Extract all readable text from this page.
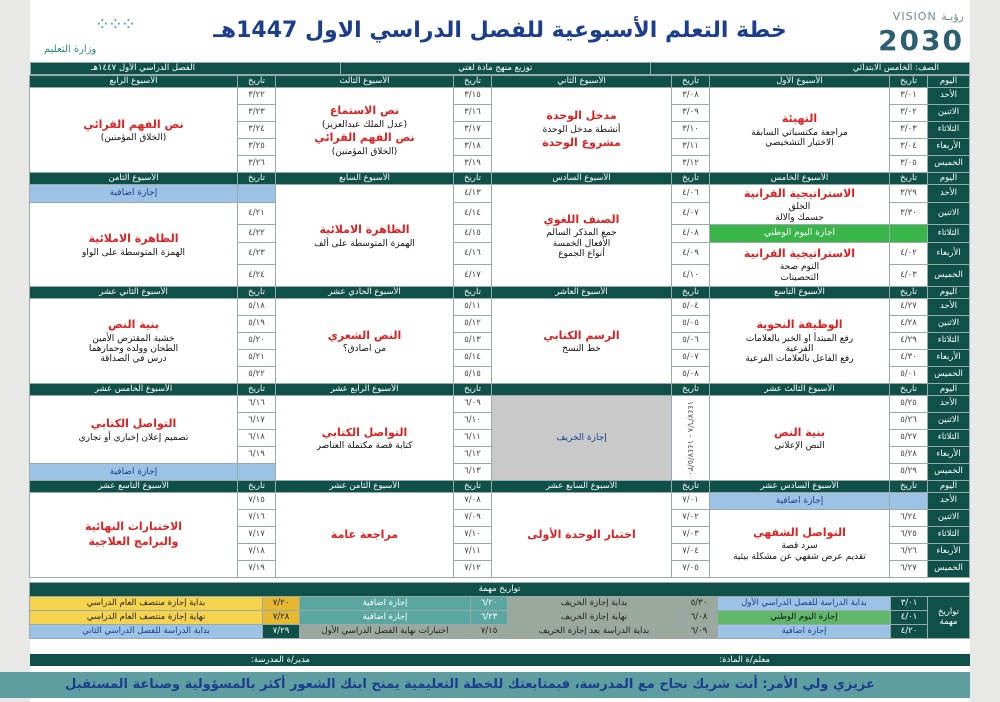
VISION رؤيـة
2030
خطة التعلم الأسبوعية للفصل الدراسي الاول 1447هـ
⁘⁘⁘
وزارة التعليم
الصف: الخامس الابتدائي	توزيع منهج مادة لغتي	الفصل الدراسي الأول ١٤٤٧هـ
اليوم	تاريخ	الأسبوع الأول	تاريخ	الأسبوع الثاني	تاريخ	الأسبوع الثالث	تاريخ	الأسبوع الرابع
الأحد	٣/٠١	التهيئة
مراجعة مكتسباتي السابقة
الاختبار التشخيصي	٣/٠٨	مدخل الوحدة
أنشطة مدخل الوحدة
مشروع الوحدة	٣/١٥	نص الاستماع
(عدل الملك عبدالعزيز)
نص الفهم القرائي
(الخلاق المؤمنين)	٣/٢٢	نص الفهم القرائي
(الخلاق المؤمنين)

الاثنين	٣/٠٢		٣/٠٩		٣/١٦		٣/٢٣	
الثلاثاء	٣/٠٣		٣/١٠		٣/١٧		٣/٢٤	
الأربعاء	٣/٠٤		٣/١١		٣/١٨		٣/٢٥	
الخميس	٣/٠٥		٣/١٢		٣/١٩		٣/٢٦	
اليوم	تاريخ	الأسبوع الخامس	تاريخ	الأسبوع السادس	تاريخ	الأسبوع السابع	تاريخ	الأسبوع الثامن
الأحد	٣/٢٩	الاستراتيجية القرانية
الخلق
جسمك والالة	٤/٠٦	الصنف اللغوي
جمع المذكر السالم
الأفعال الخمسة
أنواع الجموع	٤/١٣	الظاهرة الاملائية
الهمزة المتوسطة على ألف		إجازة اضافية
الاثنين	٣/٣٠		٤/٠٧		٤/١٤		٤/٢١	الظاهرة الاملائية
الهمزة المتوسطة على الواو

الثلاثاء		اجازة اليوم الوطني	٤/٠٨		٤/١٥		٤/٢٢	
الأربعاء	٤/٠٢	الاستراتيجية القرانية
النوم صحة
التحصينات	٤/٠٩		٤/١٦		٤/٢٣	
الخميس	٤/٠٣		٤/١٠		٤/١٧		٤/٢٤	
اليوم	تاريخ	الأسبوع التاسع	تاريخ	الأسبوع العاشر	تاريخ	الأسبوع الحادي عشر	تاريخ	الأسبوع الثاني عشر
الأحد	٤/٢٧	الوظيفة النحوية
رفع المبتدأ او الخبر بالعلامات
الفرعية
رفع الفاعل بالعلامات الفرعية	٥/٠٤	الرسم الكتابي
خط النسخ	٥/١١	النص الشعري
من اصادق؟	٥/١٨	بنية النص
خشبة المقترض الأمين
الطحان وولده وحمارهما
درس في الصداقة

الاثنين	٤/٢٨		٥/٠٥		٥/١٢		٥/١٩	
الثلاثاء	٤/٢٩		٥/٠٦		٥/١٣		٥/٢٠	
الأربعاء	٤/٣٠		٥/٠٧		٥/١٤		٥/٢١	
الخميس	٥/٠١		٥/٠٨		٥/١٥		٥/٢٢	
اليوم	تاريخ	الأسبوع الثالث عشر	تاريخ		تاريخ	الأسبوع الرابع عشر	تاريخ	الأسبوع الخامس عشر
الأحد	٥/٢٥	بنية النص
النص الإعلاني	١٤٤٧/٥/٣٠ - ١٤٤٧/٦/٨	إجازة الخريف	٦/٠٩	التواصل الكتابي
كتابة قصة مكتملة العناصر	٦/١٦	التواصل الكتابي
تصميم إعلان إخباري أو تجاري

الاثنين	٥/٢٦				٦/١٠		٦/١٧	
الثلاثاء	٥/٢٧				٦/١١		٦/١٨	
الأربعاء	٥/٢٨				٦/١٢		٦/١٩	
الخميس	٥/٢٩				٦/١٣			إجازة اضافية
اليوم	تاريخ	الأسبوع السادس عشر	تاريخ	الأسبوع السابع عشر	تاريخ	الأسبوع الثامن عشر	تاريخ	الأسبوع التاسع عشر
الأحد		إجازة اضافية	٧/٠١	اختبار الوحدة الأولى	٧/٠٨	مراجعة عامة	٧/١٥	الاختبارات النهائية
والبرامج العلاجية

الاثنين	٦/٢٤	التواصل الشفهي
سرد قصة
تقديم عرض شفهي عن مشكلة بيئية	٧/٠٢		٧/٠٩		٧/١٦	
الثلاثاء	٦/٢٥		٧/٠٣		٧/١٠		٧/١٧	
الأربعاء	٦/٢٦		٧/٠٤		٧/١١		٧/١٨	
الخميس	٦/٢٧		٧/٠٥		٧/١٢		٧/١٩	
تواريخ مهمة								
تواريخ مهمة	٣/٠١	بداية الدراسة للفصل الدراسي الأول	٥/٣٠	بداية إجازة الخريف	٦/٢٠	إجازة اضافية	٧/٢٠	بداية إجازة منتصف العام الدراسي
	٤/٠١	إجازة اليوم الوطني	٦/٠٨	نهاية إجازة الخريف	٦/٢٣	إجازة اضافية	٧/٢٨	نهاية إجازة منتصف العام الدراسي
	٤/٢٠	إجازة اضافية	٦/٠٩	بداية الدراسة بعد إجازة الخريف	٧/١٥	اختبارات نهاية الفصل الدراسي الأول	٧/٢٩	بداية الدراسة للفصل الدراسي الثاني
معلم/ة المادة:
مدير/ة المدرسة:
عزيزي ولي الأمر: أنت شريك نجاح مع المدرسة، فبمتابعتك للخطة التعليمية يمنح ابنك الشعور أكثر بالمسؤولية وصناعة المستقبل
